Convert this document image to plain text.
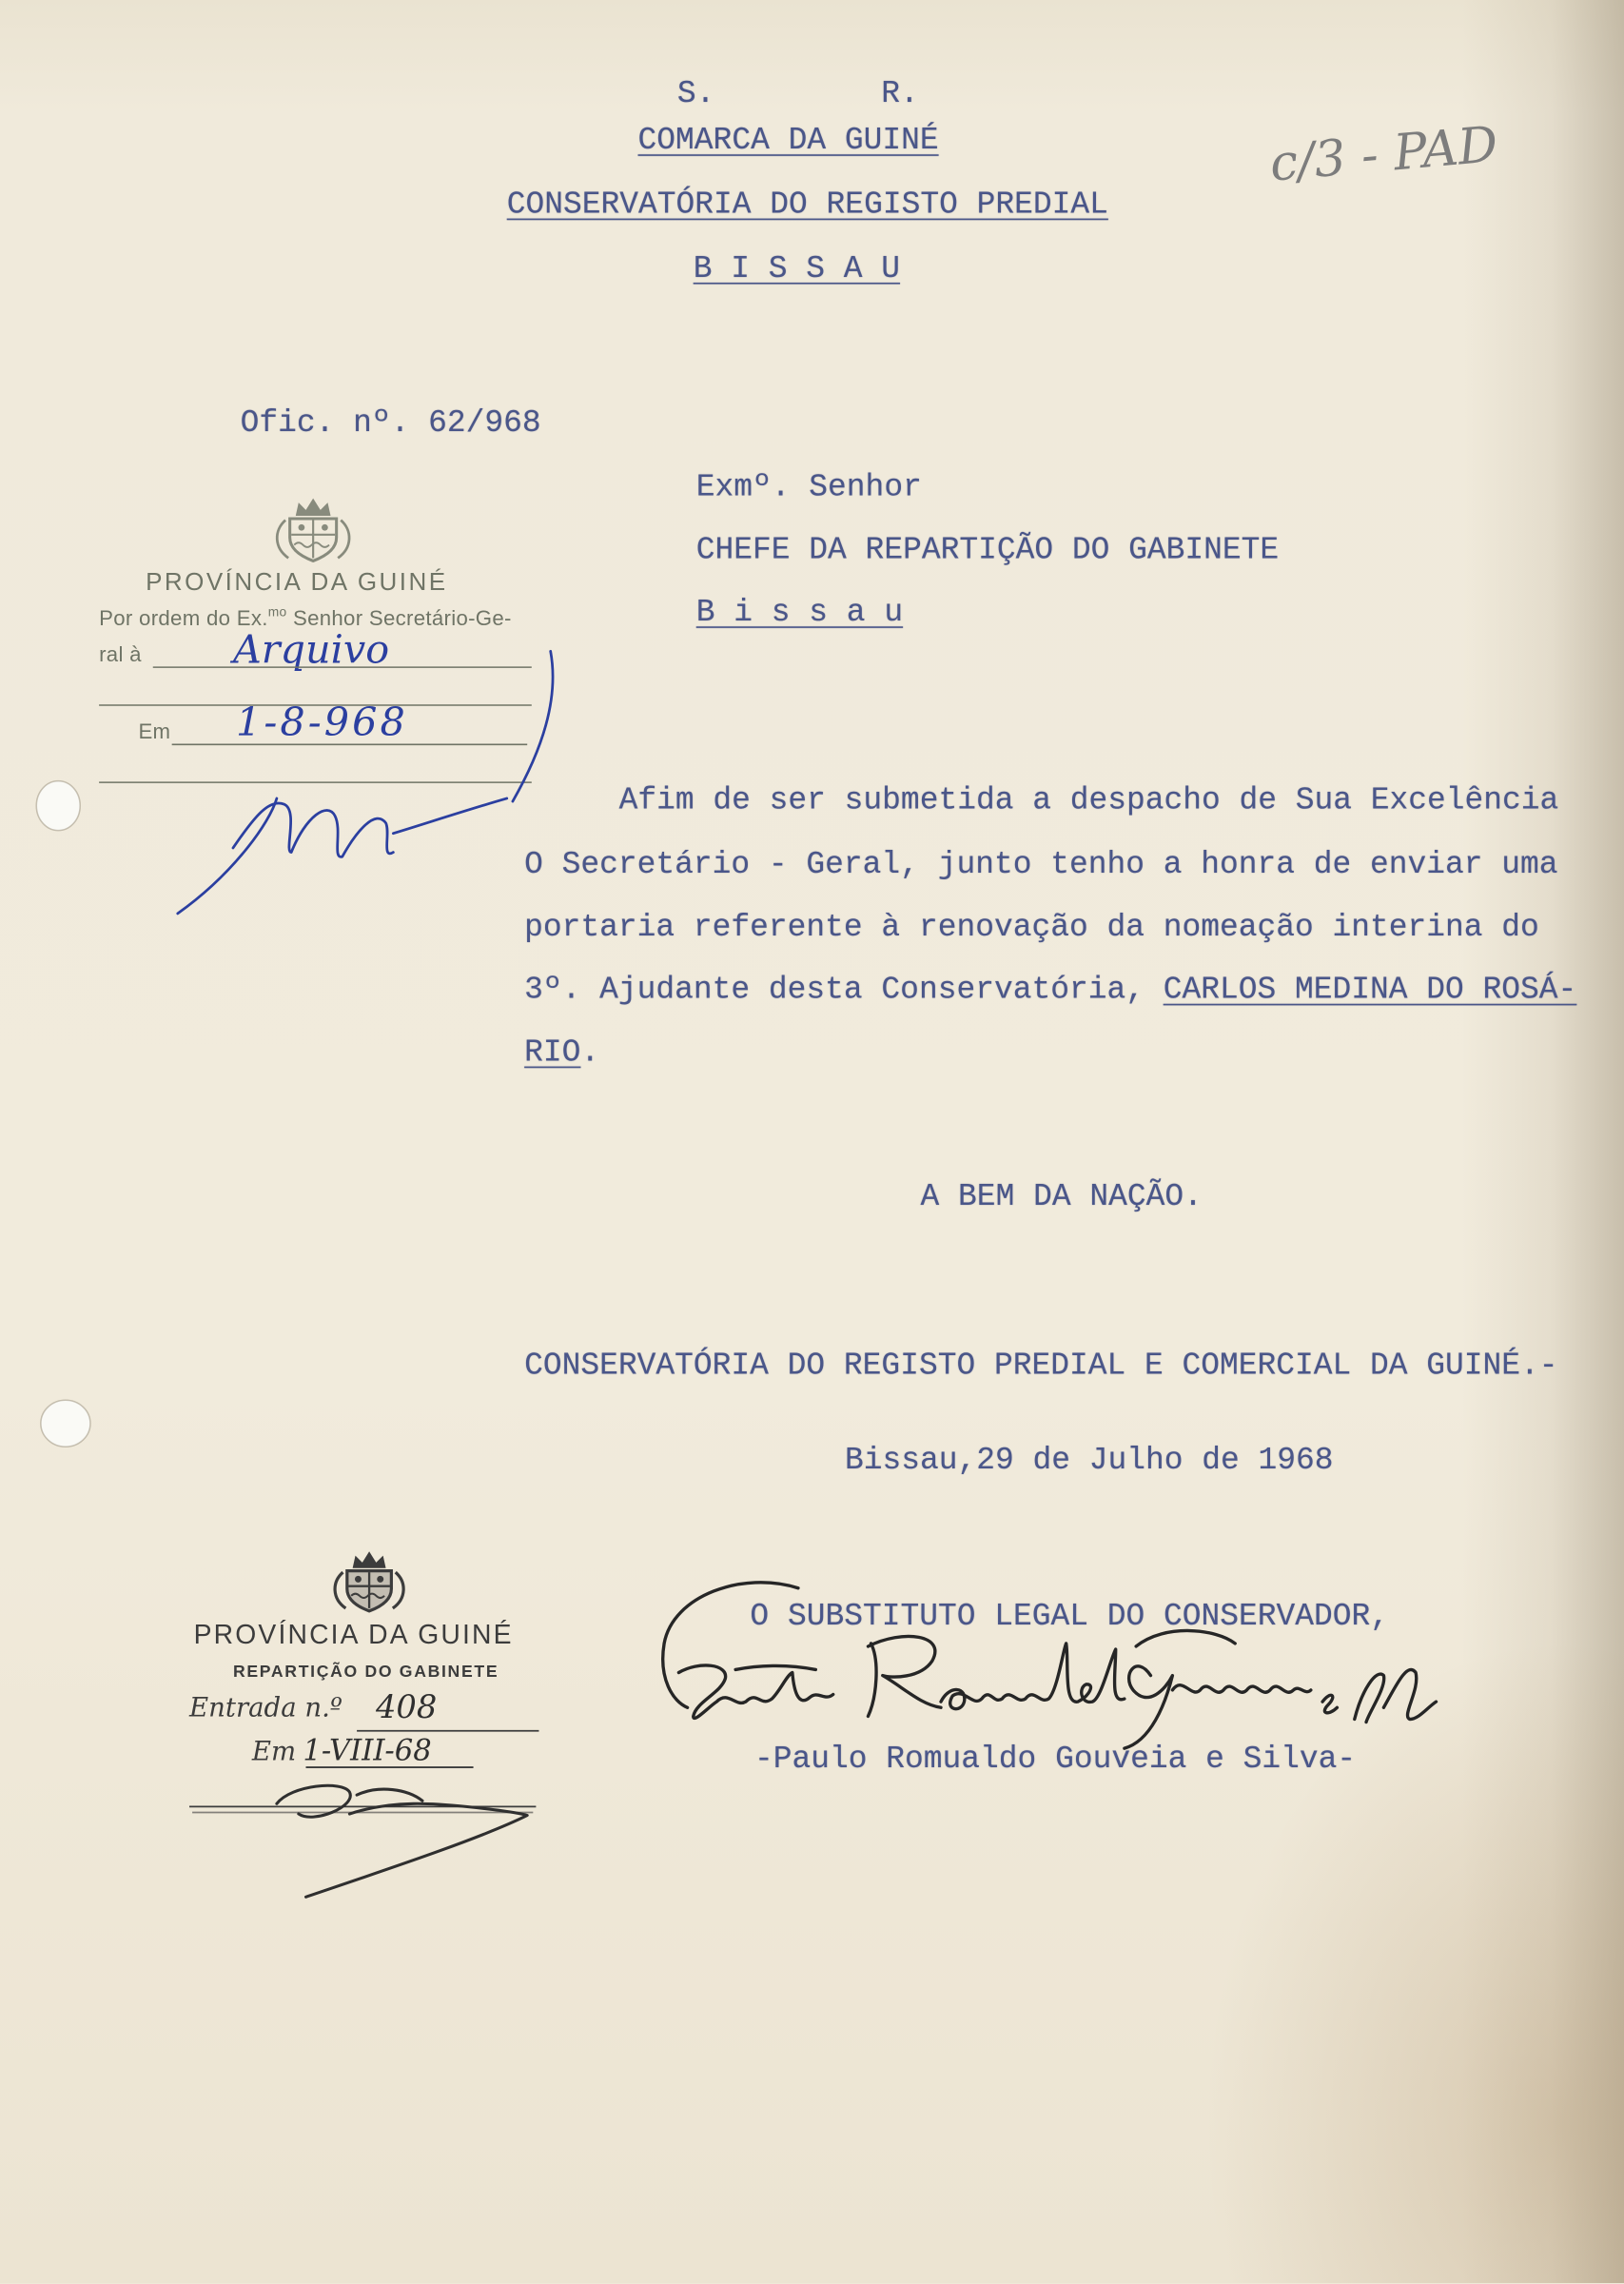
S.	R.
COMARCA DA GUINÉ
CONSERVATÓRIA DO REGISTO PREDIAL
B I S S A U
c/3 - PAD
Ofic. nº. 62/968
Exmº. Senhor
CHEFE DA REPARTIÇÃO DO GABINETE
B i s s a u
Afim de ser submetida a despacho de Sua Excelência
O Secretário - Geral, junto tenho a honra de enviar uma
portaria referente à renovação da nomeação interina do
3º. Ajudante desta Conservatória, CARLOS MEDINA DO ROSÁ-
RIO.
A BEM DA NAÇÃO.
CONSERVATÓRIA DO REGISTO PREDIAL E COMERCIAL DA GUINÉ.-
Bissau,29 de Julho de 1968
O SUBSTITUTO LEGAL DO CONSERVADOR,
-Paulo Romualdo Gouveia e Silva-
PROVÍNCIA DA GUINÉ
Por ordem do Ex.$^{mo}$ Senhor Secretário-Ge-
ral à	Arquivo
Em	1-8-968
PROVÍNCIA DA GUINÉ
REPARTIÇÃO DO GABINETE
Entrada n.º 408
Em 1-VIII-68
